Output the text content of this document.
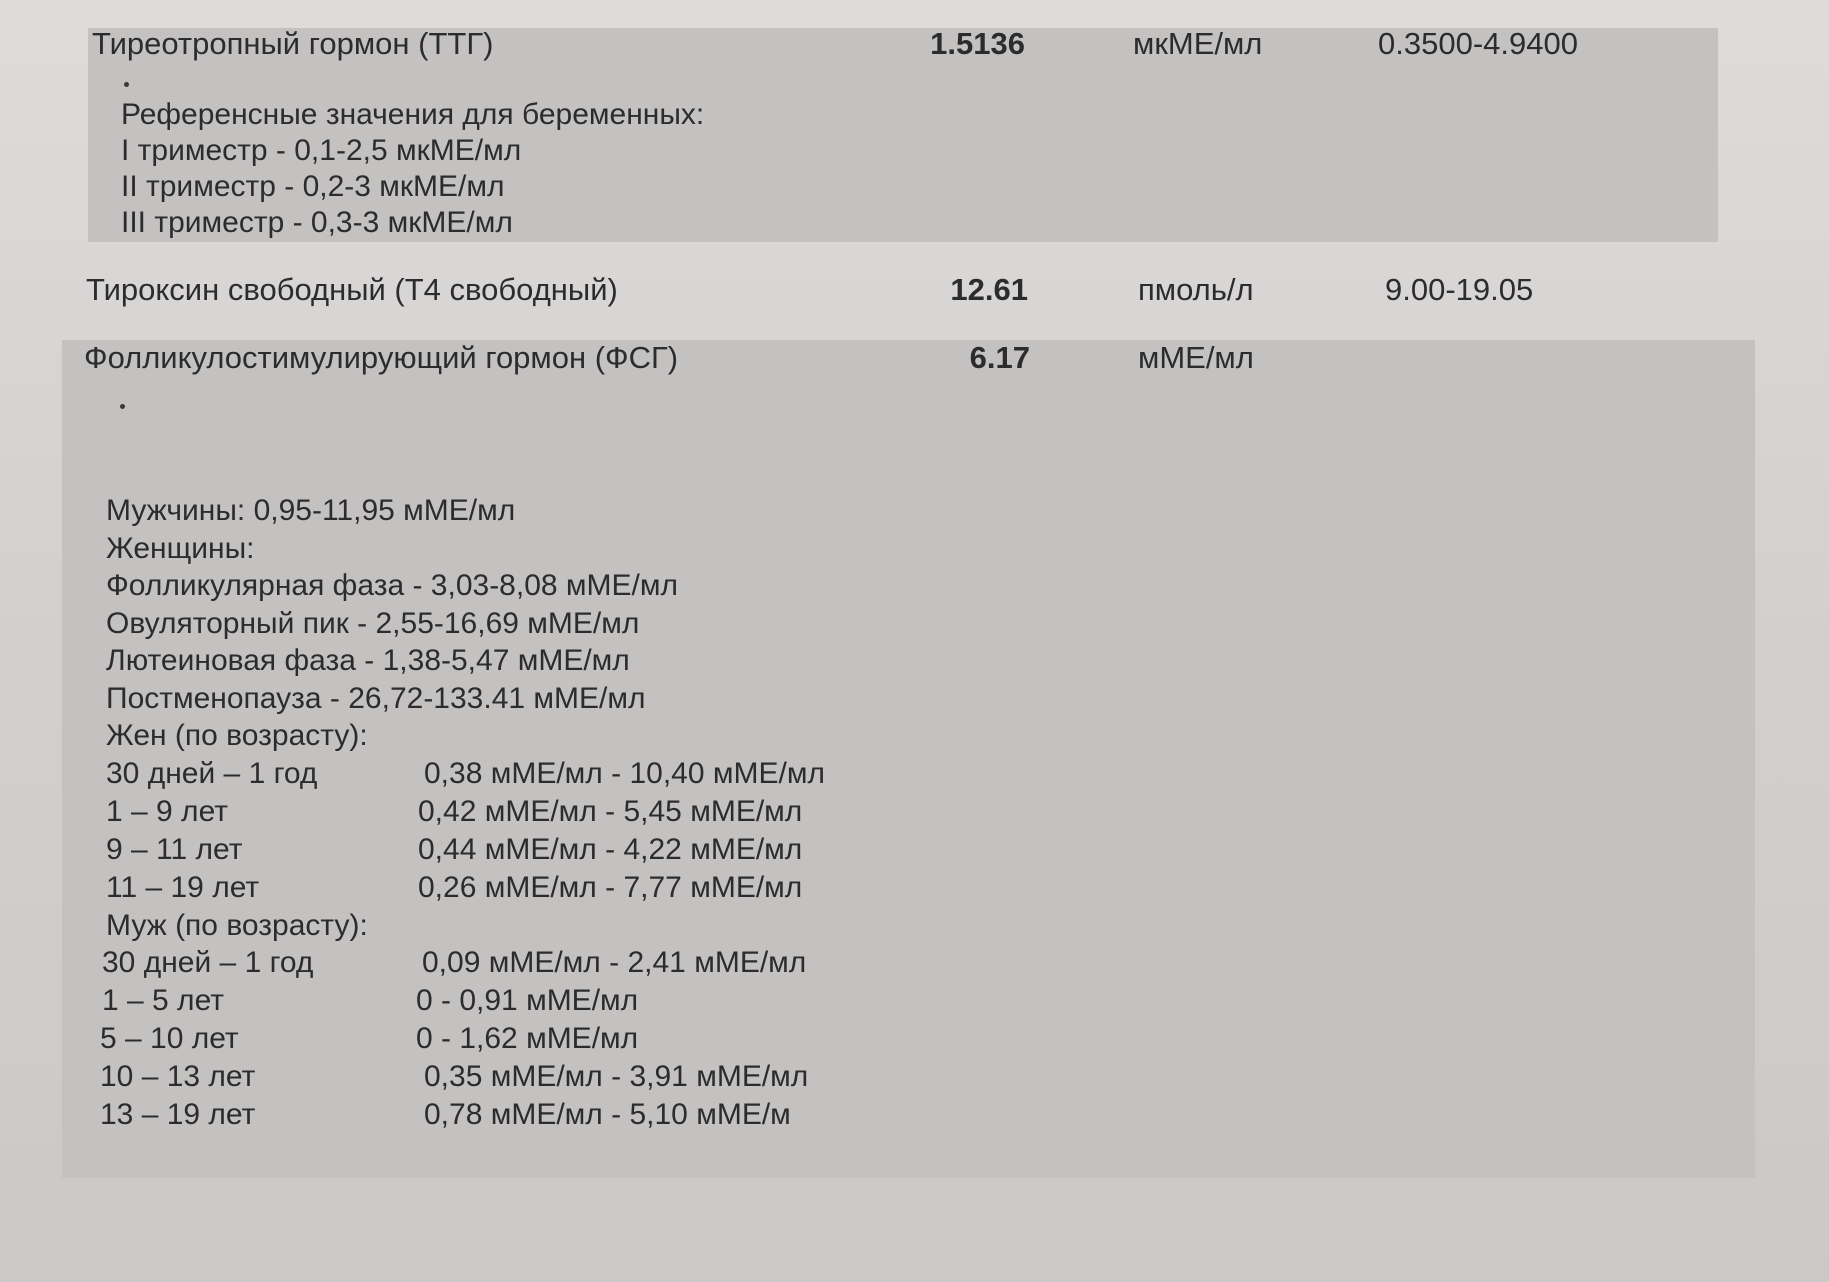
Тиреотропный гормон (ТТГ)	1.5136	мкМЕ/мл	0.3500-4.9400
Референсные значения для беременных:
I триместр - 0,1-2,5 мкМЕ/мл
II триместр - 0,2-3 мкМЕ/мл
III триместр - 0,3-3 мкМЕ/мл
Тироксин свободный (Т4 свободный)	12.61	пмоль/л	9.00-19.05
Фолликулостимулирующий гормон (ФСГ)	6.17	мМЕ/мл
Мужчины: 0,95-11,95 мМЕ/мл
Женщины:
Фолликулярная фаза - 3,03-8,08 мМЕ/мл
Овуляторный пик - 2,55-16,69 мМЕ/мл
Лютеиновая фаза - 1,38-5,47 мМЕ/мл
Постменопауза - 26,72-133.41 мМЕ/мл
Жен (по возрасту):
30 дней – 1 год	0,38 мМЕ/мл - 10,40 мМЕ/мл
1 – 9 лет	0,42 мМЕ/мл - 5,45 мМЕ/мл
9 – 11 лет	0,44 мМЕ/мл - 4,22 мМЕ/мл
11 – 19 лет	0,26 мМЕ/мл - 7,77 мМЕ/мл
Муж (по возрасту):
30 дней – 1 год	0,09 мМЕ/мл - 2,41 мМЕ/мл
1 – 5 лет	0 - 0,91 мМЕ/мл
5 – 10 лет	0 - 1,62 мМЕ/мл
10 – 13 лет	0,35 мМЕ/мл - 3,91 мМЕ/мл
13 – 19 лет	0,78 мМЕ/мл - 5,10 мМЕ/м
